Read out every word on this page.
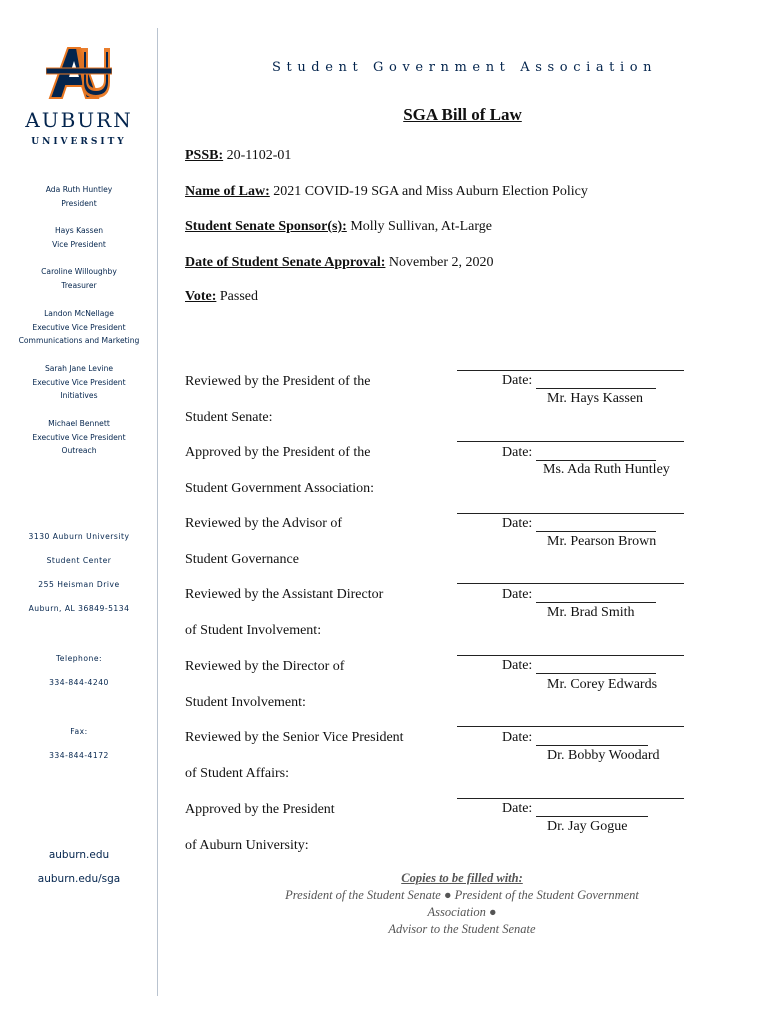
AUBURN
UNIVERSITY
Ada Ruth Huntley
President
Hays Kassen
Vice President
Caroline Willoughby
Treasurer
Landon McNellage
Executive Vice President
Communications and Marketing
Sarah Jane Levine
Executive Vice President
Initiatives
Michael Bennett
Executive Vice President
Outreach
3130 Auburn University
Student Center
255 Heisman Drive
Auburn, AL 36849-5134
Telephone:
334-844-4240
Fax:
334-844-4172
auburn.edu
auburn.edu/sga
Student Government Association
SGA Bill of Law
PSSB: 20-1102-01
Name of Law: 2021 COVID-19 SGA and Miss Auburn Election Policy
Student Senate Sponsor(s): Molly Sullivan, At-Large
Date of Student Senate Approval: November 2, 2020
Vote: Passed

Reviewed by the President of the

Student Senate:

Date:
Mr. Hays Kassen

Approved by the President of the

Student Government Association:

Date:
Ms. Ada Ruth Huntley

Reviewed by the Advisor of

Student Governance

Date:
Mr. Pearson Brown

Reviewed by the Assistant Director

of Student Involvement:

Date:
Mr. Brad Smith

Reviewed by the Director of

Student Involvement:

Date:
Mr. Corey Edwards

Reviewed by the Senior Vice President

of Student Affairs:

Date:
Dr. Bobby Woodard

Approved by the President

of Auburn University:

Date:
Dr. Jay Gogue
Copies to be filled with:
President of the Student Senate ● President of the Student Government
Association ●
Advisor to the Student Senate
